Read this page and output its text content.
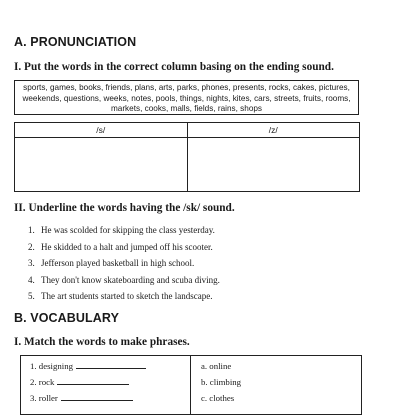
A. PRONUNCIATION
I. Put the words in the correct column basing on the ending sound.
sports, games, books, friends, plans, arts, parks, phones, presents, rocks, cakes, pictures, weekends, questions, weeks, notes, pools, things, nights, kites, cars, streets, fruits, rooms, markets, cooks, malls, fields, rains, shops
/s/	/z/
II. Underline the words having the /sk/ sound.
1. He was scolded for skipping the class yesterday.
2. He skidded to a halt and jumped off his scooter.
3. Jefferson played basketball in high school.
4. They don't know skateboarding and scuba diving.
5. The art students started to sketch the landscape.
B. VOCABULARY
I. Match the words to make phrases.
1. designing
2. rock
3. roller
a. online
b. climbing
c. clothes
